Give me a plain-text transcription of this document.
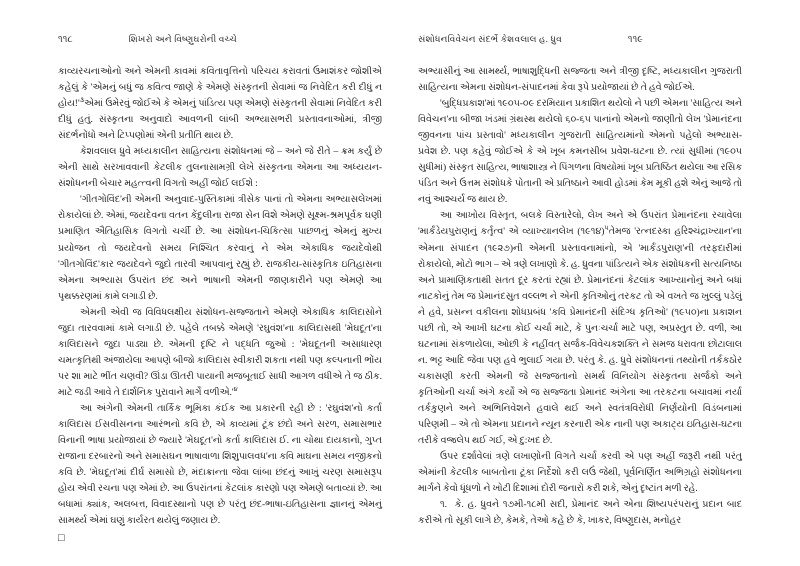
૧૧૮	શિખરો અને વિષ્ણુઘરોની વચ્ચે

કાવ્યરચનાઓનો અને એમની કાવમાં કવિતાવૃત્તિનો પરિચય કરાવતાં ઉમાશંકર જોશીએ કહેલું કે 'એમનું બધું જ કવિત્વ જાણે કે એમણે સંસ્કૃતની સેવામાં જ નિવેદિત કરી દીધું ન $હોય!'^૩એમાં$ ઉમેરવું જોઈએ કે એમનું પાંડિત્ય પણ એમણે સંસ્કૃતની સેવામાં નિવેદિત કરી દીધું હતું. સંસ્કૃતના અનુવાદો આવળની લાંબી અભ્યાસભરી પ્રસ્તાવનાઓમાં, ત્રીજી સંદર્ભનોંધો અને ટિપ્પણોમાં એની પ્રતીતિ થાય છે.

કેશવલાલ ધ્રુવે મધ્યકાલીન સાહિત્યના સંશોધનમાં જે – અને જે રીતે – ક્રમ કર્યું છે એની સાથે સરખાવવાની કેટલીક તુલનાસામગ્રી લેખે સંસ્કૃતના એમના આ અધ્યયન-સંશોધનની બેચાર મહત્ત્વની વિગતો અહીં જોઈ લઈશે :

'ગીતગોવિંદ'ની એમની અનુવાદ-પુસ્તિકામાં ત્રીસેક પાનાં તો એમના અભ્યાસલેખમાં રોકાયેલાં છે. એમાં, જયદેવના વતન કેંદુલીના રાજા સેન વિશે એમણે સૂક્ષ્મ-શ્રમપૂર્વક ઘણી પ્રમાણિત ઐતિહાસિક વિગતો ચર્ચી છે. આ સંશોધન-ચિકિત્સા પાછળનું એમનું મુખ્ય પ્રયોજન તો જયદેવનો સમય નિશ્ચિત કરવાનું ને એમ એકાધિક જયદેવોથી 'ગીતગોવિંદ'કાર જયદેવને જુદો તારવી આપવાનું રહ્યું છે. રાજકીય-સાંસ્કૃતિક ઇતિહાસના એમના અભ્યાસ ઉપરાંત છંદ અને ભાષાની એમની જાણકારીને પણ એમણે આ પૃથક્કરણમાં કામે લગાડી છે.

એમની એવી જ વિવિધલક્ષીય સંશોધન-સજ્જતાને એમણે એકાધિક કાલિદાસોને જુદા તારવવામાં કામે લગાડી છે. પહેલે તબક્કે એમણે 'રઘુવંશ'ના કાલિદાસથી 'મેઘદૂત'ના કાલિદાસને જુદા પાડ્યા છે. એમની દૃષ્ટિ ને પદ્ધતિ જુઓ : 'મેઘદૂતની અસાધારણ ચમત્કૃતિથી અંજાયેલા આપણે બીજો કાલિદાસ સ્વીકારી શકતા નથી પણ કલ્પનાની ભોંય પર શા માટે ભીંત ચણવી? ઊંડા ઊતરી પાયાની મજબૂતાઈ સાધી આગળ વધીએ તે જ ઠીક. માટે જડી આવે તે દાર્શનિક પુરાવાને માર્ગે $વળીએ.'^૪$

આ અંગેની એમની તાર્કિક ભૂમિકા કંઈક આ પ્રકારની રહી છે : 'રઘુવંશ'નો કર્તા કાલિદાસ ઈસવીસનના આરંભનો કવિ છે, એ કાવ્યમાં ટૂંક છંદો અને સરળ, સમાસભાર વિનાની ભાષા પ્રયોજાયાં છે જ્યારે 'મેઘદૂત'નો કર્તા કાલિદાસ ઈ. ના ચોથા દાયકાનો, ગુપ્ત રાજાના દરબારનો અને સમાસઘન ભાષાવાળા શિશુપાલવધ'ના કવિ માઘના સમય નજીકનો કવિ છે. 'મેઘદૂત'માં દીર્ઘ સમાસો છે, મંદાક્રાન્તા જેવા લાંબા છંદનું આખું ચરણ સમાસરૂપ હોય એવી રચના પણ એમાં છે. આ ઉપરાંતનાં કેટલાંક કારણો પણ એમણે બતાવ્યાં છે. આ બધામાં ક્યાંક, અલબત્ત, વિવાદસ્થાનો પણ છે પરંતુ છંદ-ભાષા-ઇતિહાસના જ્ઞાનનું એમનું સામર્થ્ય એમાં ઘણું કાર્યરત થયેલું જણાય છે.

□
સંશોધનવિવેચન સંદર્ભે કેશવલાલ હ. ધ્રુવ	૧૧૯

અભ્યાસીનું આ સામર્થ્ય, ભાષાશુદ્ધિની સજ્જતા અને ત્રીજી દૃષ્ટિ, મધ્યકાલીન ગુજરાતી સાહિત્યના એમના સંશોધન-સંપાદનમાં કેવા રૂપે પ્રયોજાયાં છે તે હવે જોઈએ.

'બુદ્ધિપ્રકાશ'માં ૧૯૦૫-૦૯ દરમિયાન પ્રકાશિત થયેલો ને પછી એમના 'સાહિત્ય અને વિવેચન'ના બીજા ખંડમાં ગ્રંથસ્થ થયેલો ૬૦-૬૫ પાનાંનો એમનો જાણીતો લેખ 'પ્રેમાનંદના જીવનના પાંચ પ્રસ્તાવો' મધ્યકાલીન ગુજરાતી સાહિત્યમાંનો એમનો પહેલો અભ્યાસ-પ્રવેશ છે. પણ કહેવું જોઈએ કે એ ખૂબ કમનસીબ પ્રવેશ-ઘટના છે. ત્યાં સુધીમાં (૧૯૦૫ સુધીમાં) સંસ્કૃત સાહિત્ય, ભાષાશાસ્ત્ર ને પિંગળના વિષયોમાં ખૂબ પ્રતિષ્ઠિત થયેલા આ રસિક પંડિત અને ઉત્તમ સંશોધકે પોતાની એ પ્રતિષ્ઠાને આવી હોડમાં કેમ મૂકી હશે એનું આજે તો નવું આશ્ચર્ય જ થાય છે.

આ આખોય વિસ્તૃત, બલકે વિસ્તારેલો, લેખ અને એ ઉપરાંત પ્રેમાનંદના રચાવેલા 'માર્કંડેયપુરાણનું કર્તૃત્વ' એ વ્યાખ્યાનલેખ (૧૯૧૪)$^૫$તેમજ 'રત્નદસ્કા હરિશ્ચંદ્રાખ્યાન'ના એમના સંપાદન (૧૯૨૭)ની એમની પ્રસ્તાવનામાંનો, એ 'માર્કંડપુરાણ'ની તરફદારીમાં રોકાયેલો, મોટો ભાગ – એ ત્રણે લખાણો કે. હ. ધ્રુવના પાંડિત્યને એક સંશોધકની સત્યનિષ્ઠા અને પ્રામાણિકતાથી સતત દૂર કરતાં રહ્યાં છે. પ્રેમાનંદનાં કેટલાંક આખ્યાનોનું અને બધાં નાટકોનું તેમ જ પ્રેમાનંદસુત વલ્લભ ને એની કૃતિઓનું તરકટ તો એ વખતે જ ખુલ્લું પડેલું ને હવે, પ્રસન્ન વકીલના શોધપ્રબંધ 'કવિ પ્રેમાનંદની સંદિગ્ધ કૃતિઓ' (૧૯૫૦)ના પ્રકાશન પછી તો, એ આખી ઘટના કોઈ ચર્ચા માટે, કે પુનઃચર્ચા માટે પણ, અપ્રસ્તુત છે. વળી, આ ઘટનામાં સંકળાયેલા, ઓછી કે નહીંવત્ સર્જક-વિવેચકશક્તિ ને સમજ ધરાવતા છોટાલાલ ન. ભટ્ટ આદિ જેવા પણ હવે ભુલાઈ ગયા છે. પરંતુ કે. હ. ધ્રુવે સંશોધનનાં તથ્યોની તર્કકઠોર ચકાસણી કરતી એમની જે સજ્જતાનો સમર્થ વિનિયોગ સંસ્કૃતના સર્જકો અને કૃતિઓની ચર્ચા અંગે કર્યો એ જ સજ્જતા પ્રેમાનંદ અંગેના આ તરકટના બચાવમાં નર્યા તર્કકુણને અને અભિનિવેશને હવાલે થઈ અને સ્વતંત્રવિરોધી નિર્ણયોની વિડંબનામાં પરિણમી – એ તો એમના પ્રદાનને ન્યૂન કરનારી એક નાની પણ અકાટ્ય ઇતિહાસ-ઘટના તરીકે વજ્રલેપ થઈ ગઈ, એ દુ:ખદ છે.

ઉપર દર્શાવેલાં ત્રણે લખાણોની વિગતે ચર્ચા કરવી એ પણ અહીં જરૂરી નથી પરંતુ એમાંની કેટલીક બાબતોના ટૂંકા નિર્દેશો કરી લઉં જેથી, પૂર્વનિર્ણિત અભિગ્રહો સંશોધનના માર્ગને કેવો ધૂંધળો ને ખોટી દિશામાં દોરી જનારો કરી શકે, એનું દૃષ્ટાંત મળી રહે.

૧. કે. હ. ધ્રુવને ૧૭મી-૧૮મી સદી, પ્રેમાનંદ અને એના શિષ્યપરંપરાનું પ્રદાન બાદ કરીએ તો સૂકી લાગે છે, કેમકે, તેઓ કહે છે કે, ખાકર, વિષ્ણુદાસ, મનોહર
